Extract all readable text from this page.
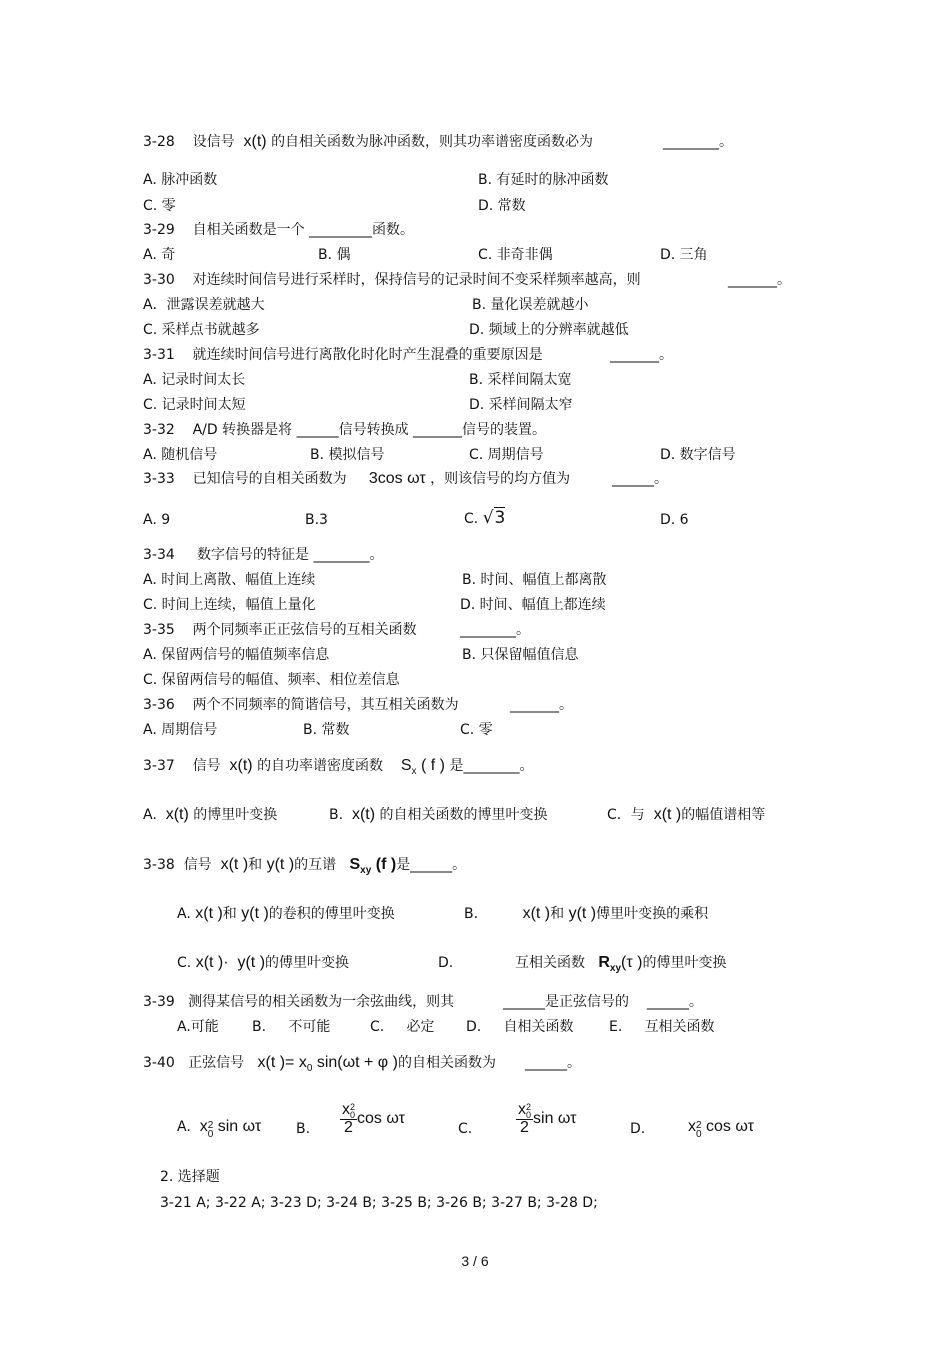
3-28 设信号 x(t) 的自相关函数为脉冲函数，则其功率谱密度函数必为	________。
A. 脉冲函数	B. 有延时的脉冲函数
C. 零	D. 常数
3-29 自相关函数是一个 _________函数。
A. 奇	B. 偶	C. 非奇非偶	D. 三角
3-30 对连续时间信号进行采样时，保持信号的记录时间不变采样频率越高，则	_______。
A．泄露误差就越大	B. 量化误差就越小
C. 采样点书就越多	D. 频域上的分辨率就越低
3-31 就连续时间信号进行离散化时化时产生混叠的重要原因是	_______。
A. 记录时间太长	B. 采样间隔太宽
C. 记录时间太短	D. 采样间隔太窄
3-32 A/D 转换器是将 ______信号转换成 _______信号的装置。
A. 随机信号	B. 模拟信号	C. 周期信号	D. 数字信号
3-33 已知信号的自相关函数为 3cos ωτ ，则该信号的均方值为	______。
A. 9	B.3	C. √3	D. 6
3-34 数字信号的特征是 ________。
A. 时间上离散、幅值上连续	B. 时间、幅值上都离散
C. 时间上连续，幅值上量化	D. 时间、幅值上都连续
3-35 两个同频率正正弦信号的互相关函数	________。
A. 保留两信号的幅值频率信息	B. 只保留幅值信息
C. 保留两信号的幅值、频率、相位差信息
3-36 两个不同频率的简谐信号，其互相关函数为	_______。
A. 周期信号	B. 常数	C. 零
3-37 信号 x(t) 的自功率谱密度函数 $S_x$ ( f ) 是________。
A. x(t) 的博里叶变换	B. x(t) 的自相关函数的博里叶变换	C．与 x(t )的幅值谱相等
3-38 信号 x(t )和 y(t )的互谱 $S_{xy}$ (f )是______。
A. x(t )和 y(t )的卷积的傅里叶变换	B.	x(t )和 y(t )傅里叶变换的乘积
C. x(t )· y(t )的傅里叶变换	D.	互相关函数 $R_{xy}(\tau$ )的傅里叶变换
3-39 测得某信号的相关函数为一余弦曲线，则其	______是正弦信号的 ______。
A.可能 B. 不可能	C. 必定 D. 自相关函数	E. 互相关函数
3-40 正弦信号 x(t )= $x_0$ sin(ωt + φ )的自相关函数为 ______。
A. x 2
0 sin ωτ B. x 2
0
2 cos ωτ
C.	x 2
0
2 sin ωτ
D.	x 2
0 cos ωτ
2. 选择题
3-21 A; 3-22 A; 3-23 D; 3-24 B; 3-25 B; 3-26 B; 3-27 B; 3-28 D;
3 / 6
